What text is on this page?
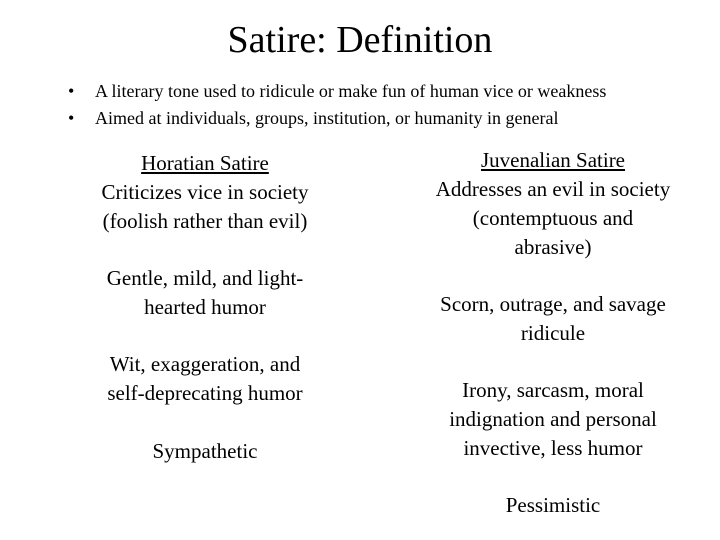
Satire: Definition
• A literary tone used to ridicule or make fun of human vice or weakness
• Aimed at individuals, groups, institution, or humanity in general
Horatian Satire
Criticizes vice in society
(foolish rather than evil)
Gentle, mild, and light-
hearted humor
Wit, exaggeration, and
self-deprecating humor
Sympathetic
Juvenalian Satire
Addresses an evil in society
(contemptuous and
abrasive)
Scorn, outrage, and savage
ridicule
Irony, sarcasm, moral
indignation and personal
invective, less humor
Pessimistic
